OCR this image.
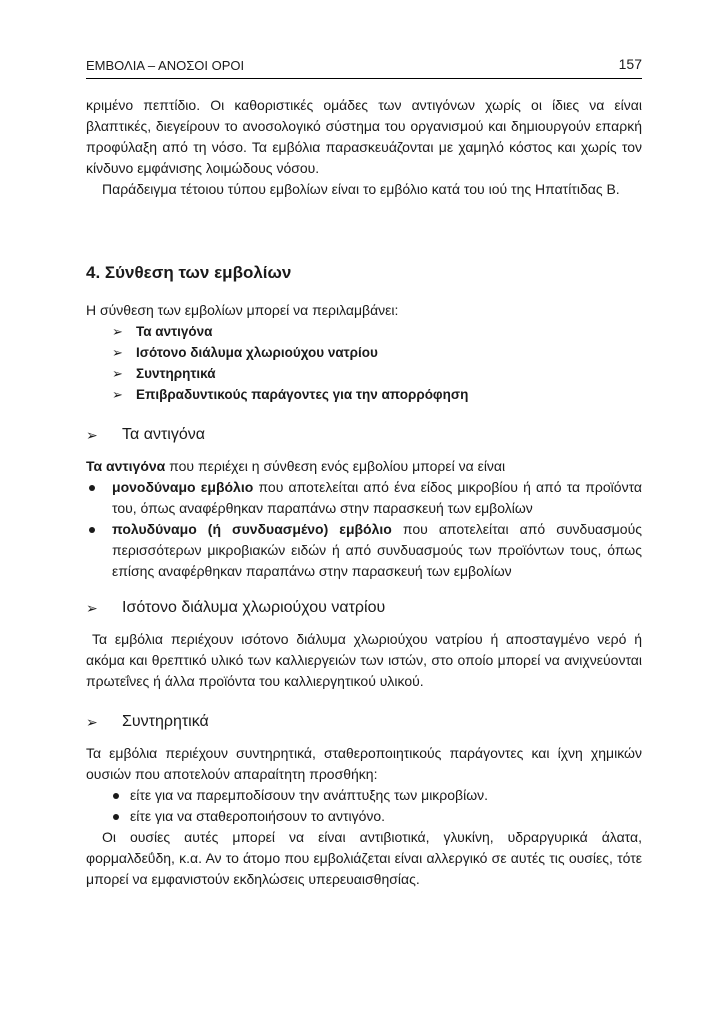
ΕΜΒΟΛΙΑ – ΑΝΟΣΟΙ ΟΡΟΙ	157

κριμένο πεπτίδιο. Οι καθοριστικές ομάδες των αντιγόνων χωρίς οι ίδιες να είναι βλαπτικές, διεγείρουν το ανοσολογικό σύστημα του οργανισμού και δημιουργούν επαρκή προφύλαξη από τη νόσο. Τα εμβόλια παρασκευάζονται με χαμηλό κόστος και χωρίς τον κίνδυνο εμφάνισης λοιμώδους νόσου.

Παράδειγμα τέτοιου τύπου εμβολίων είναι το εμβόλιο κατά του ιού της Ηπατίτιδας Β.

4. Σύνθεση των εμβολίων

Η σύνθεση των εμβολίων μπορεί να περιλαμβάνει:

➢ Τα αντιγόνα
➢ Ισότονο διάλυμα χλωριούχου νατρίου
➢ Συντηρητικά
➢ Επιβραδυντικούς παράγοντες για την απορρόφηση
➢	Τα αντιγόνα

Τα αντιγόνα που περιέχει η σύνθεση ενός εμβολίου μπορεί να είναι

μονοδύναμο εμβόλιο που αποτελείται από ένα είδος μικροβίου ή από τα προϊόντα του, όπως αναφέρθηκαν παραπάνω στην παρασκευή των εμβολίων
πολυδύναμο (ή συνδυασμένο) εμβόλιο που αποτελείται από συνδυασμούς περισσότερων μικροβιακών ειδών ή από συνδυασμούς των προϊόντων τους, όπως επίσης αναφέρθηκαν παραπάνω στην παρασκευή των εμβολίων
➢	Ισότονο διάλυμα χλωριούχου νατρίου

Τα εμβόλια περιέχουν ισότονο διάλυμα χλωριούχου νατρίου ή αποσταγμένο νερό ή ακόμα και θρεπτικό υλικό των καλλιεργειών των ιστών, στο οποίο μπορεί να ανιχνεύονται πρωτεΐνες ή άλλα προϊόντα του καλλιεργητικού υλικού.

➢	Συντηρητικά

Τα εμβόλια περιέχουν συντηρητικά, σταθεροποιητικούς παράγοντες και ίχνη χημικών ουσιών που αποτελούν απαραίτητη προσθήκη:

είτε για να παρεμποδίσουν την ανάπτυξης των μικροβίων.
είτε για να σταθεροποιήσουν το αντιγόνο.

Οι ουσίες αυτές μπορεί να είναι αντιβιοτικά, γλυκίνη, υδραργυρικά άλατα, φορμαλδεΰδη, κ.α. Αν το άτομο που εμβολιάζεται είναι αλλεργικό σε αυτές τις ουσίες, τότε μπορεί να εμφανιστούν εκδηλώσεις υπερευαισθησίας.
